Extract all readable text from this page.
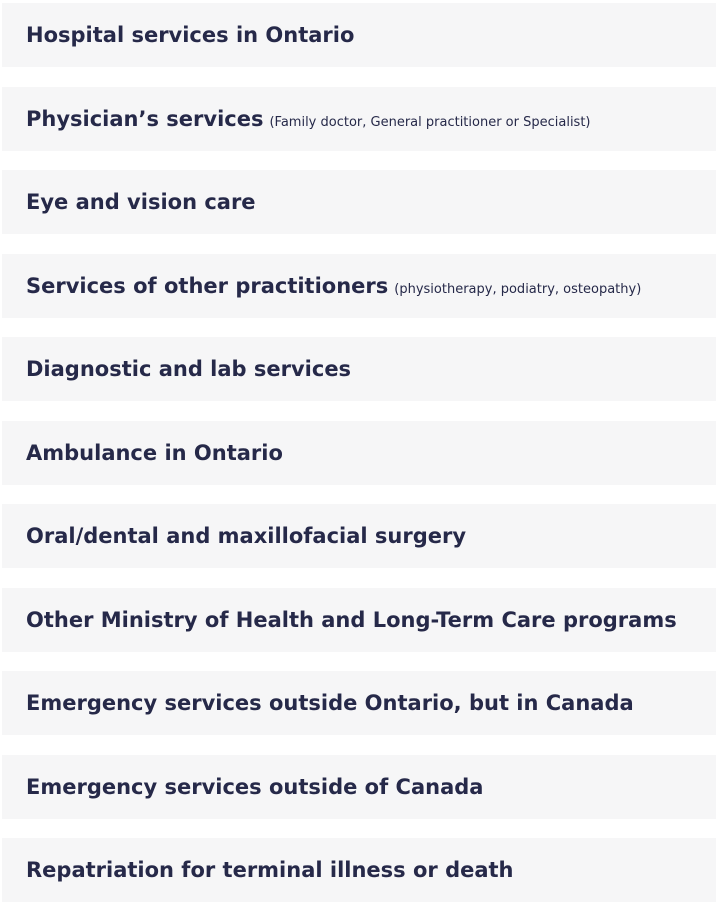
Hospital services in Ontario
Physician’s services (Family doctor, General practitioner or Specialist)
Eye and vision care
Services of other practitioners (physiotherapy, podiatry, osteopathy)
Diagnostic and lab services
Ambulance in Ontario
Oral/dental and maxillofacial surgery
Other Ministry of Health and Long-Term Care programs
Emergency services outside Ontario, but in Canada
Emergency services outside of Canada
Repatriation for terminal illness or death
